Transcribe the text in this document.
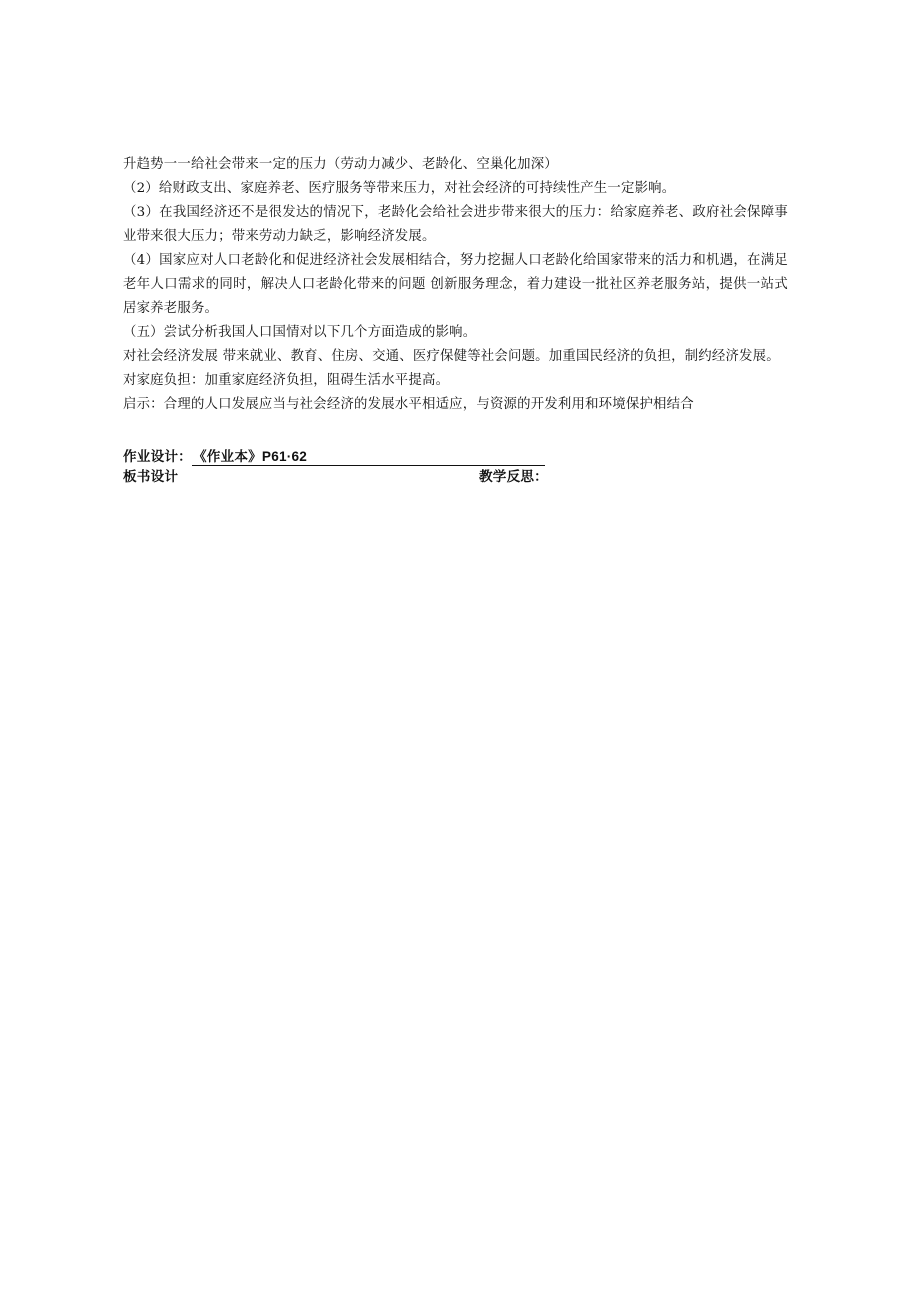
升趋势一一给社会带来一定的压力（劳动力减少、老龄化、空巢化加深）

（2）给财政支出、家庭养老、医疗服务等带来压力，对社会经济的可持续性产生一定影响。

（3）在我国经济还不是很发达的情况下，老龄化会给社会进步带来很大的压力：给家庭养老、政府社会保障事业带来很大压力；带来劳动力缺乏，影响经济发展。

（4）国家应对人口老龄化和促进经济社会发展相结合，努力挖掘人口老龄化给国家带来的活力和机遇，在满足老年人口需求的同时，解决人口老龄化带来的问题 创新服务理念，着力建设一批社区养老服务站，提供一站式居家养老服务。

（五）尝试分析我国人口国情对以下几个方面造成的影响。

对社会经济发展 带来就业、教育、住房、交通、医疗保健等社会问题。加重国民经济的负担，制约经济发展。

对家庭负担：加重家庭经济负担，阻碍生活水平提高。

启示：合理的人口发展应当与社会经济的发展水平相适应，与资源的开发利用和环境保护相结合

作业设计： 《作业本》P61·62
板书设计	教学反思：
